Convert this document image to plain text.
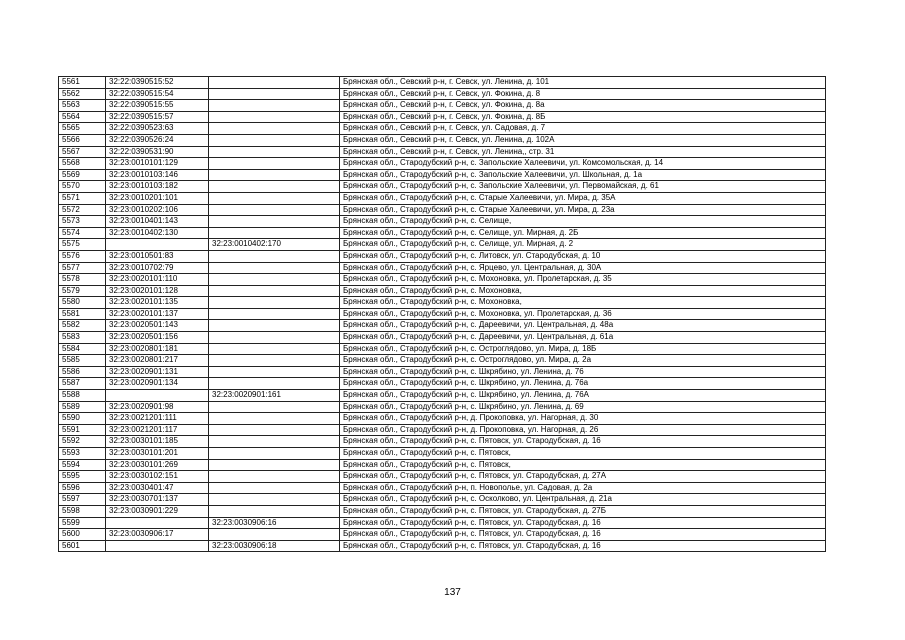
5561	32:22:0390515:52		Брянская обл., Севский р-н, г. Севск, ул. Ленина, д. 101
5562	32:22:0390515:54		Брянская обл., Севский р-н, г. Севск, ул. Фокина, д. 8
5563	32:22:0390515:55		Брянская обл., Севский р-н, г. Севск, ул. Фокина, д. 8а
5564	32:22:0390515:57		Брянская обл., Севский р-н, г. Севск, ул. Фокина, д. 8Б
5565	32:22:0390523:63		Брянская обл., Севский р-н, г. Севск, ул. Садовая, д. 7
5566	32:22:0390526:24		Брянская обл., Севский р-н, г. Севск, ул. Ленина, д. 102А
5567	32:22:0390531:90		Брянская обл., Севский р-н, г. Севск, ул. Ленина,, стр. 31
5568	32:23:0010101:129		Брянская обл., Стародубский р-н, с. Запольские Халеевичи, ул. Комсомольская, д. 14
5569	32:23:0010103:146		Брянская обл., Стародубский р-н, с. Запольские Халеевичи, ул. Школьная, д. 1а
5570	32:23:0010103:182		Брянская обл., Стародубский р-н, с. Запольские Халеевичи, ул. Первомайская, д. 61
5571	32:23:0010201:101		Брянская обл., Стародубский р-н, с. Старые Халеевичи, ул. Мира, д. 35А
5572	32:23:0010202:106		Брянская обл., Стародубский р-н, с. Старые Халеевичи, ул. Мира, д. 23а
5573	32:23:0010401:143		Брянская обл., Стародубский р-н, с. Селище,
5574	32:23:0010402:130		Брянская обл., Стародубский р-н, с. Селище, ул. Мирная, д. 2Б
5575		32:23:0010402:170	Брянская обл., Стародубский р-н, с. Селище, ул. Мирная, д. 2
5576	32:23:0010501:83		Брянская обл., Стародубский р-н, с. Литовск, ул. Стародубская, д. 10
5577	32:23:0010702:79		Брянская обл., Стародубский р-н, с. Ярцево, ул. Центральная, д. 30А
5578	32:23:0020101:110		Брянская обл., Стародубский р-н, с. Мохоновка, ул. Пролетарская, д. 35
5579	32:23:0020101:128		Брянская обл., Стародубский р-н, с. Мохоновка,
5580	32:23:0020101:135		Брянская обл., Стародубский р-н, с. Мохоновка,
5581	32:23:0020101:137		Брянская обл., Стародубский р-н, с. Мохоновка, ул. Пролетарская, д. 36
5582	32:23:0020501:143		Брянская обл., Стародубский р-н, с. Дареевичи, ул. Центральная, д. 48а
5583	32:23:0020501:156		Брянская обл., Стародубский р-н, с. Дареевичи, ул. Центральная, д. 61а
5584	32:23:0020801:181		Брянская обл., Стародубский р-н, с. Остроглядово, ул. Мира, д. 18Б
5585	32:23:0020801:217		Брянская обл., Стародубский р-н, с. Остроглядово, ул. Мира, д. 2а
5586	32:23:0020901:131		Брянская обл., Стародубский р-н, с. Шкрябино, ул. Ленина, д. 76
5587	32:23:0020901:134		Брянская обл., Стародубский р-н, с. Шкрябино, ул. Ленина, д. 76а
5588		32:23:0020901:161	Брянская обл., Стародубский р-н, с. Шкрябино, ул. Ленина, д. 76А
5589	32:23:0020901:98		Брянская обл., Стародубский р-н, с. Шкрябино, ул. Ленина, д. 69
5590	32:23:0021201:111		Брянская обл., Стародубский р-н, д. Прокоповка, ул. Нагорная, д. 30
5591	32:23:0021201:117		Брянская обл., Стародубский р-н, д. Прокоповка, ул. Нагорная, д. 26
5592	32:23:0030101:185		Брянская обл., Стародубский р-н, с. Пятовск, ул. Стародубская, д. 16
5593	32:23:0030101:201		Брянская обл., Стародубский р-н, с. Пятовск,
5594	32:23:0030101:269		Брянская обл., Стародубский р-н, с. Пятовск,
5595	32:23:0030102:151		Брянская обл., Стародубский р-н, с. Пятовск, ул. Стародубская, д. 27А
5596	32:23:0030401:47		Брянская обл., Стародубский р-н, п. Новополье, ул. Садовая, д. 2а
5597	32:23:0030701:137		Брянская обл., Стародубский р-н, с. Осколково, ул. Центральная, д. 21а
5598	32:23:0030901:229		Брянская обл., Стародубский р-н, с. Пятовск, ул. Стародубская, д. 27Б
5599		32:23:0030906:16	Брянская обл., Стародубский р-н, с. Пятовск, ул. Стародубская, д. 16
5600	32:23:0030906:17		Брянская обл., Стародубский р-н, с. Пятовск, ул. Стародубская, д. 16
5601		32:23:0030906:18	Брянская обл., Стародубский р-н, с. Пятовск, ул. Стародубская, д. 16
137
